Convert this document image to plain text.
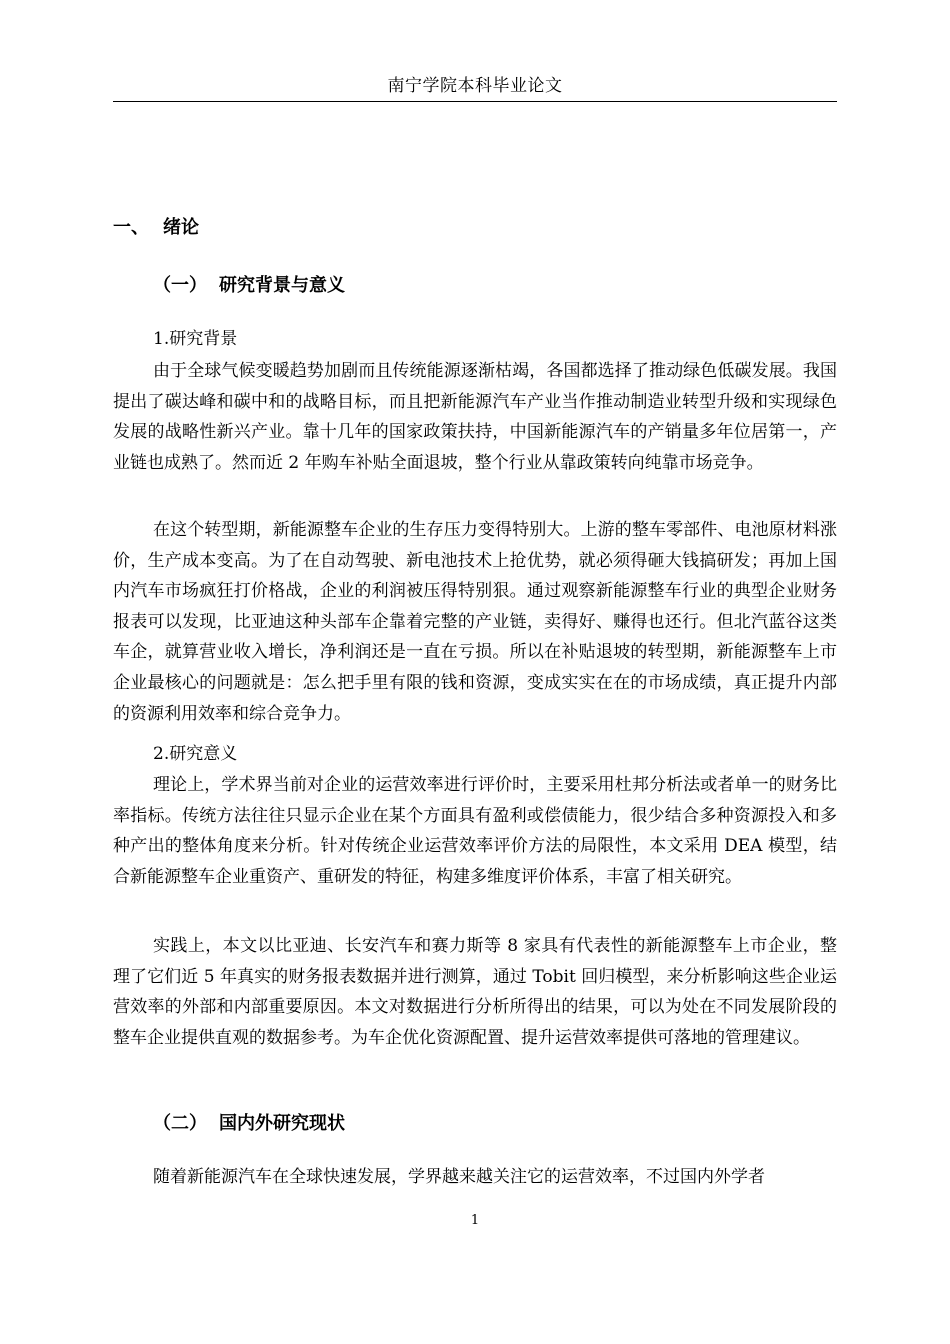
南宁学院本科毕业论文
一、 绪论
（一） 研究背景与意义
1.研究背景

由于全球气候变暖趋势加剧而且传统能源逐渐枯竭，各国都选择了推动绿色低碳发展。我国提出了碳达峰和碳中和的战略目标，而且把新能源汽车产业当作推动制造业转型升级和实现绿色发展的战略性新兴产业。靠十几年的国家政策扶持，中国新能源汽车的产销量多年位居第一，产业链也成熟了。然而近 2 年购车补贴全面退坡，整个行业从靠政策转向纯靠市场竞争。

在这个转型期，新能源整车企业的生存压力变得特别大。上游的整车零部件、电池原材料涨价，生产成本变高。为了在自动驾驶、新电池技术上抢优势，就必须得砸大钱搞研发；再加上国内汽车市场疯狂打价格战，企业的利润被压得特别狠。通过观察新能源整车行业的典型企业财务报表可以发现，比亚迪这种头部车企靠着完整的产业链，卖得好、赚得也还行。但北汽蓝谷这类车企，就算营业收入增长，净利润还是一直在亏损。所以在补贴退坡的转型期，新能源整车上市企业最核心的问题就是：怎么把手里有限的钱和资源，变成实实在在的市场成绩，真正提升内部的资源利用效率和综合竞争力。

2.研究意义

理论上，学术界当前对企业的运营效率进行评价时，主要采用杜邦分析法或者单一的财务比率指标。传统方法往往只显示企业在某个方面具有盈利或偿债能力，很少结合多种资源投入和多种产出的整体角度来分析。针对传统企业运营效率评价方法的局限性，本文采用 DEA 模型，结合新能源整车企业重资产、重研发的特征，构建多维度评价体系，丰富了相关研究。

实践上，本文以比亚迪、长安汽车和赛力斯等 8 家具有代表性的新能源整车上市企业，整理了它们近 5 年真实的财务报表数据并进行测算，通过 Tobit 回归模型，来分析影响这些企业运营效率的外部和内部重要原因。本文对数据进行分析所得出的结果，可以为处在不同发展阶段的整车企业提供直观的数据参考。为车企优化资源配置、提升运营效率提供可落地的管理建议。

（二） 国内外研究现状

随着新能源汽车在全球快速发展，学界越来越关注它的运营效率，不过国内外学者

1
